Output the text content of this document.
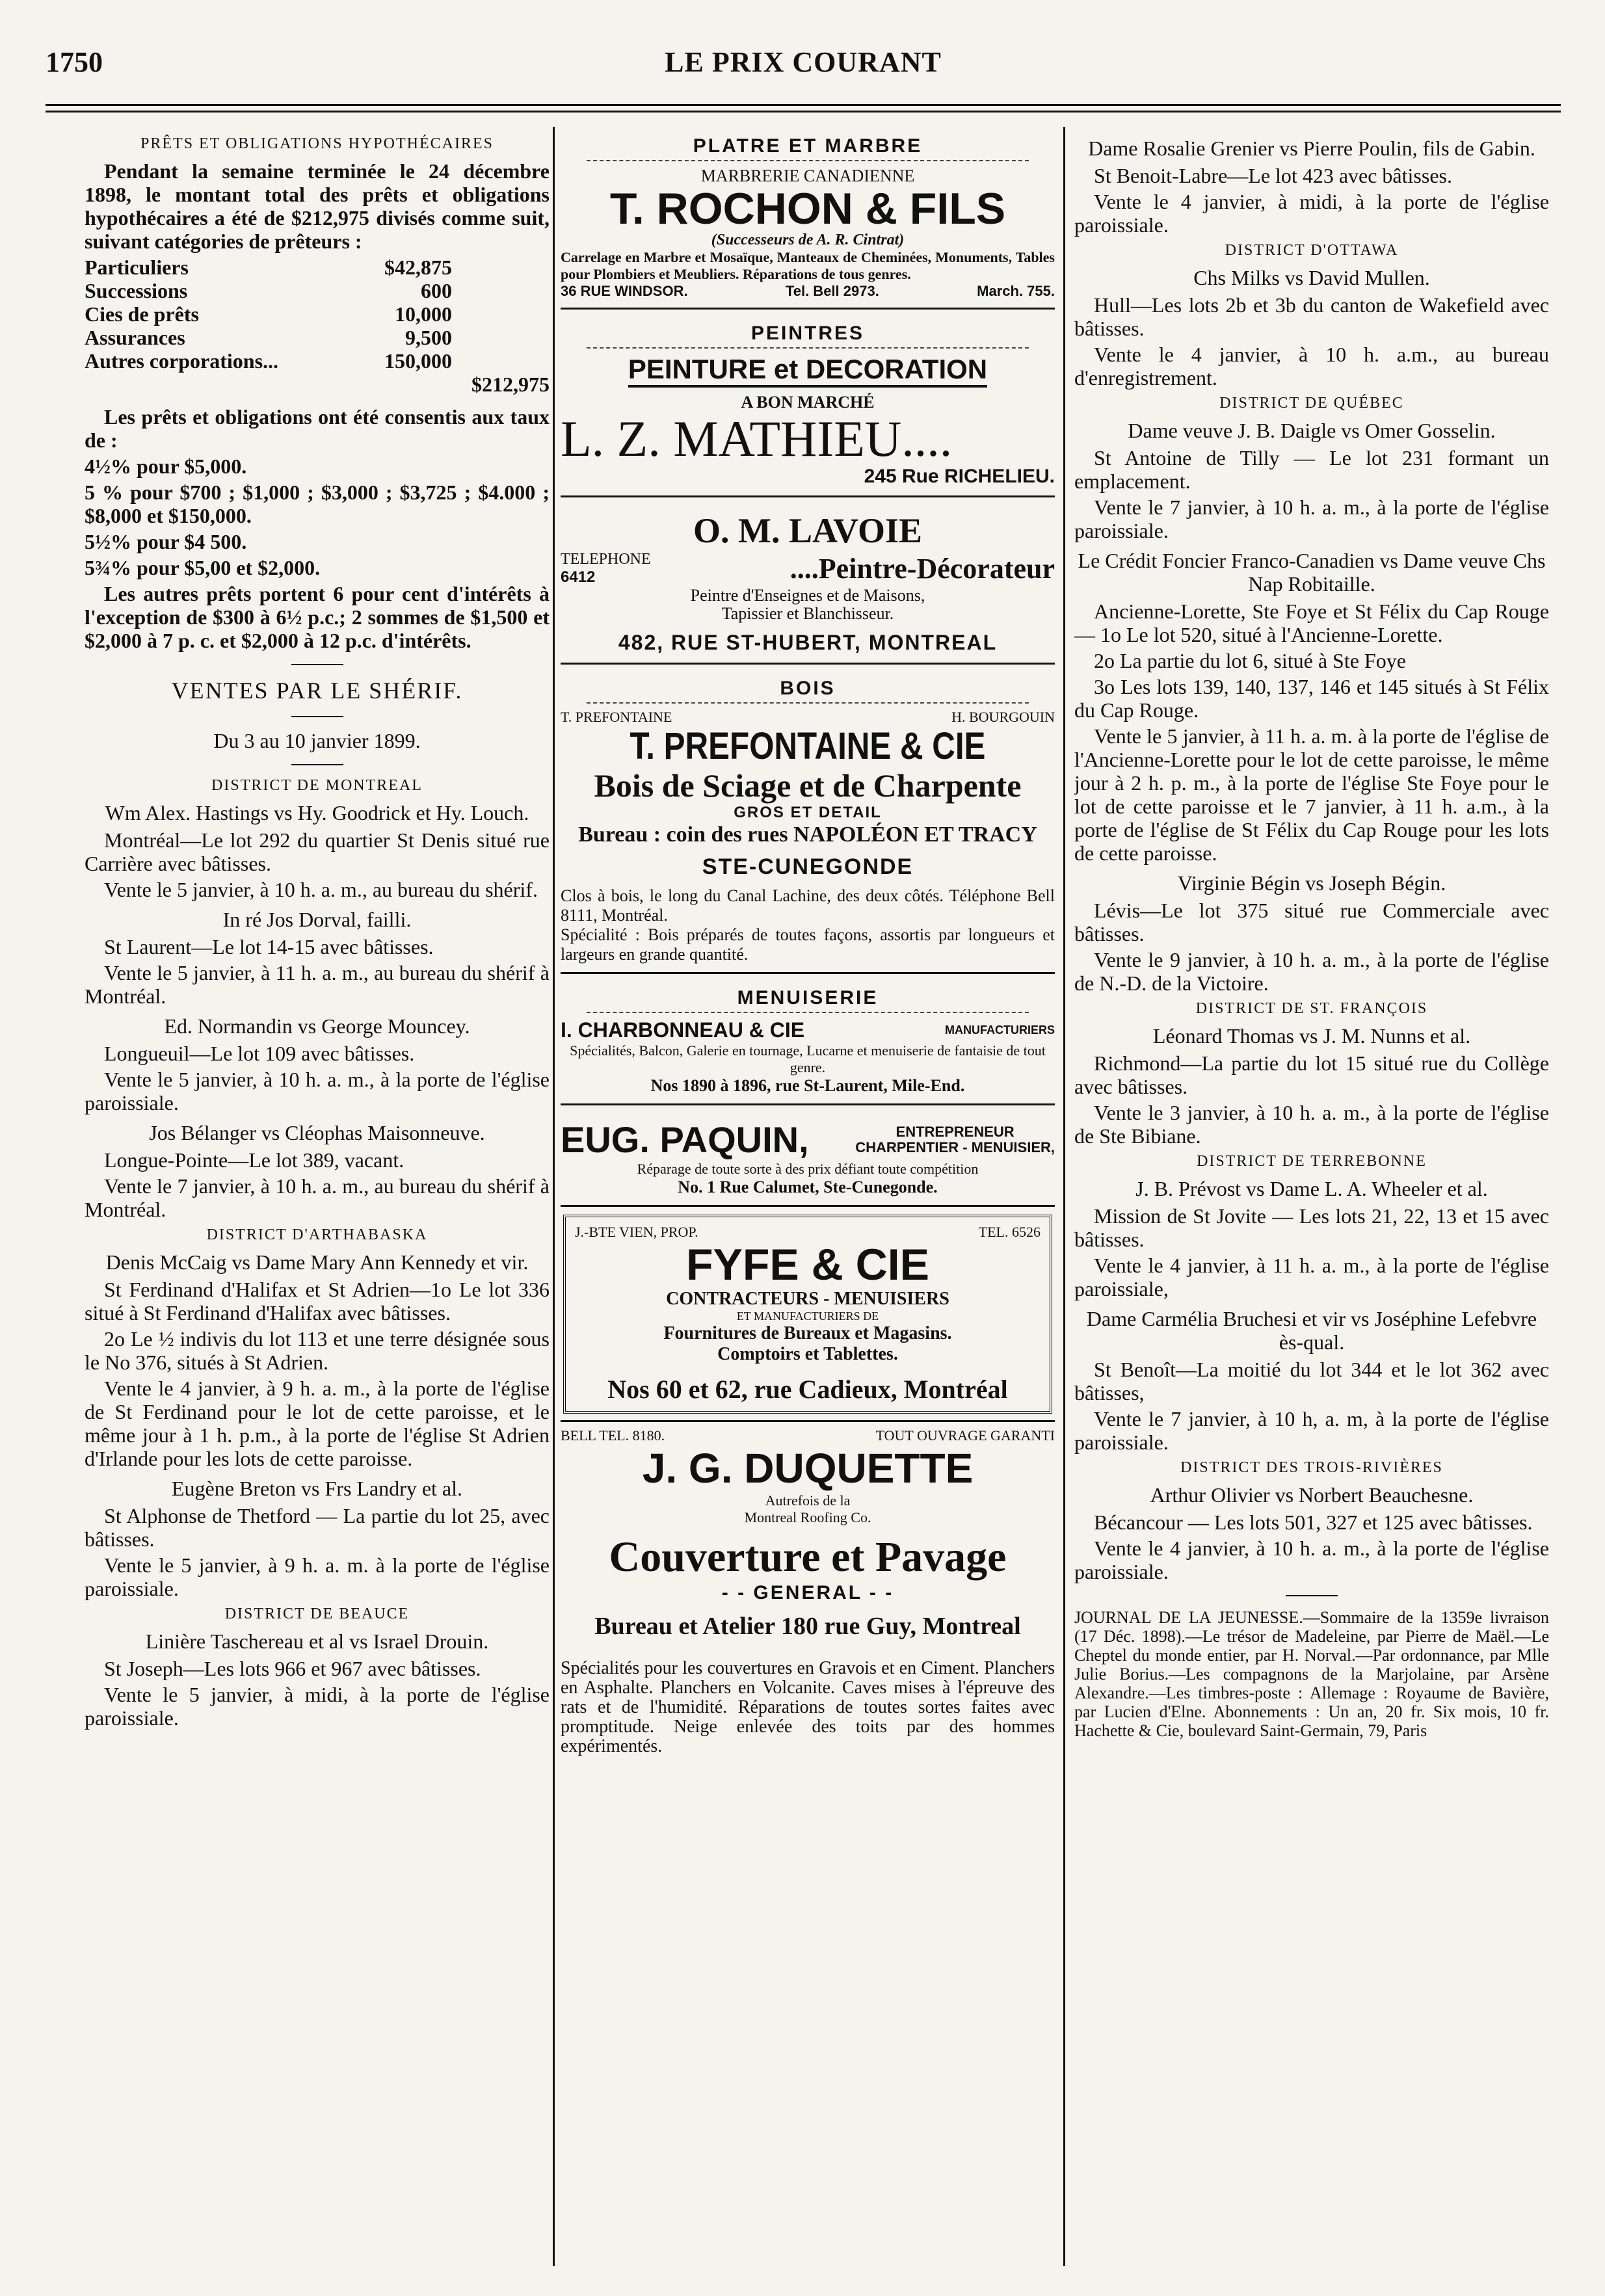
1750	LE PRIX COURANT

PRÊTS ET OBLIGATIONS HYPOTHÉCAIRES

Pendant la semaine terminée le 24 décembre 1898, le montant total des prêts et obligations hypothécaires a été de $212,975 divisés comme suit, suivant catégories de prêteurs :

Particuliers	$42,875	
Successions	600	
Cies de prêts	10,000	
Assurances	9,500	
Autres corporations...	150,000	
		$212,975

Les prêts et obligations ont été consentis aux taux de :

4½% pour $5,000.

5 % pour $700 ; $1,000 ; $3,000 ; $3,725 ; $4.000 ; $8,000 et $150,000.

5½% pour $4 500.

5¾% pour $5,00 et $2,000.

Les autres prêts portent 6 pour cent d'intérêts à l'exception de $300 à 6½ p.c.; 2 sommes de $1,500 et $2,000 à 7 p. c. et $2,000 à 12 p.c. d'intérêts.

VENTES PAR LE SHÉRIF.

Du 3 au 10 janvier 1899.

DISTRICT DE MONTREAL

Wm Alex. Hastings vs Hy. Goodrick et Hy. Louch.

Montréal—Le lot 292 du quartier St Denis situé rue Carrière avec bâtisses.

Vente le 5 janvier, à 10 h. a. m., au bureau du shérif.

In ré Jos Dorval, failli.

St Laurent—Le lot 14-15 avec bâtisses.

Vente le 5 janvier, à 11 h. a. m., au bureau du shérif à Montréal.

Ed. Normandin vs George Mouncey.

Longueuil—Le lot 109 avec bâtisses.

Vente le 5 janvier, à 10 h. a. m., à la porte de l'église paroissiale.

Jos Bélanger vs Cléophas Maisonneuve.

Longue-Pointe—Le lot 389, vacant.

Vente le 7 janvier, à 10 h. a. m., au bureau du shérif à Montréal.

DISTRICT D'ARTHABASKA

Denis McCaig vs Dame Mary Ann Kennedy et vir.

St Ferdinand d'Halifax et St Adrien—1o Le lot 336 situé à St Ferdinand d'Halifax avec bâtisses.

2o Le ½ indivis du lot 113 et une terre désignée sous le No 376, situés à St Adrien.

Vente le 4 janvier, à 9 h. a. m., à la porte de l'église de St Ferdinand pour le lot de cette paroisse, et le même jour à 1 h. p.m., à la porte de l'église St Adrien d'Irlande pour les lots de cette paroisse.

Eugène Breton vs Frs Landry et al.

St Alphonse de Thetford — La partie du lot 25, avec bâtisses.

Vente le 5 janvier, à 9 h. a. m. à la porte de l'église paroissiale.

DISTRICT DE BEAUCE

Linière Taschereau et al vs Israel Drouin.

St Joseph—Les lots 966 et 967 avec bâtisses.

Vente le 5 janvier, à midi, à la porte de l'église paroissiale.

PLATRE ET MARBRE
MARBRERIE CANADIENNE
T. ROCHON & FILS
(Successeurs de A. R. Cintrat)
Carrelage en Marbre et Mosaïque, Manteaux de Cheminées, Monuments, Tables pour Plombiers et Meubliers. Réparations de tous genres.
36 RUE WINDSOR.	Tel. Bell 2973.	March. 755.
PEINTRES
PEINTURE et DECORATION
A BON MARCHÉ
L. Z. MATHIEU....
245 Rue RICHELIEU.
O. M. LAVOIE
TELEPHONE
6412	....Peintre-Décorateur
Peintre d'Enseignes et de Maisons,
Tapissier et Blanchisseur.
482, RUE ST-HUBERT, MONTREAL
BOIS
T. PREFONTAINE	H. BOURGOUIN
T. PREFONTAINE & CIE
Bois de Sciage et de Charpente
GROS ET DETAIL
Bureau : coin des rues NAPOLÉON ET TRACY
STE-CUNEGONDE
Clos à bois, le long du Canal Lachine, des deux côtés. Téléphone Bell 8111, Montréal.
Spécialité : Bois préparés de toutes façons, assortis par longueurs et largeurs en grande quantité.
MENUISERIE
I. CHARBONNEAU & CIE	MANUFACTURIERS
Spécialités, Balcon, Galerie en tournage, Lucarne et menuiserie de fantaisie de tout genre.
Nos 1890 à 1896, rue St-Laurent, Mile-End.
EUG. PAQUIN,	ENTREPRENEUR
CHARPENTIER - MENUISIER,
Réparage de toute sorte à des prix défiant toute compétition
No. 1 Rue Calumet, Ste-Cunegonde.
J.-BTE VIEN, PROP.	TEL. 6526
FYFE & CIE
CONTRACTEURS - MENUISIERS
ET MANUFACTURIERS DE
Fournitures de Bureaux et Magasins.
Comptoirs et Tablettes.
Nos 60 et 62, rue Cadieux, Montréal
BELL TEL. 8180.	TOUT OUVRAGE GARANTI
J. G. DUQUETTE
Autrefois de la
Montreal Roofing Co.
Couverture et Pavage
- - GENERAL - -
Bureau et Atelier 180 rue Guy, Montreal
Spécialités pour les couvertures en Gravois et en Ciment. Planchers en Asphalte. Planchers en Volcanite. Caves mises à l'épreuve des rats et de l'humidité. Réparations de toutes sortes faites avec promptitude. Neige enlevée des toits par des hommes expérimentés.

Dame Rosalie Grenier vs Pierre Poulin, fils de Gabin.

St Benoit-Labre—Le lot 423 avec bâtisses.

Vente le 4 janvier, à midi, à la porte de l'église paroissiale.

DISTRICT D'OTTAWA

Chs Milks vs David Mullen.

Hull—Les lots 2b et 3b du canton de Wakefield avec bâtisses.

Vente le 4 janvier, à 10 h. a.m., au bureau d'enregistrement.

DISTRICT DE QUÉBEC

Dame veuve J. B. Daigle vs Omer Gosselin.

St Antoine de Tilly — Le lot 231 formant un emplacement.

Vente le 7 janvier, à 10 h. a. m., à la porte de l'église paroissiale.

Le Crédit Foncier Franco-Canadien vs Dame veuve Chs Nap Robitaille.

Ancienne-Lorette, Ste Foye et St Félix du Cap Rouge— 1o Le lot 520, situé à l'Ancienne-Lorette.

2o La partie du lot 6, situé à Ste Foye

3o Les lots 139, 140, 137, 146 et 145 situés à St Félix du Cap Rouge.

Vente le 5 janvier, à 11 h. a. m. à la porte de l'église de l'Ancienne-Lorette pour le lot de cette paroisse, le même jour à 2 h. p. m., à la porte de l'église Ste Foye pour le lot de cette paroisse et le 7 janvier, à 11 h. a.m., à la porte de l'église de St Félix du Cap Rouge pour les lots de cette paroisse.

Virginie Bégin vs Joseph Bégin.

Lévis—Le lot 375 situé rue Commerciale avec bâtisses.

Vente le 9 janvier, à 10 h. a. m., à la porte de l'église de N.-D. de la Victoire.

DISTRICT DE ST. FRANÇOIS

Léonard Thomas vs J. M. Nunns et al.

Richmond—La partie du lot 15 situé rue du Collège avec bâtisses.

Vente le 3 janvier, à 10 h. a. m., à la porte de l'église de Ste Bibiane.

DISTRICT DE TERREBONNE

J. B. Prévost vs Dame L. A. Wheeler et al.

Mission de St Jovite — Les lots 21, 22, 13 et 15 avec bâtisses.

Vente le 4 janvier, à 11 h. a. m., à la porte de l'église paroissiale,

Dame Carmélia Bruchesi et vir vs Joséphine Lefebvre ès-qual.

St Benoît—La moitié du lot 344 et le lot 362 avec bâtisses,

Vente le 7 janvier, à 10 h, a. m, à la porte de l'église paroissiale.

DISTRICT DES TROIS-RIVIÈRES

Arthur Olivier vs Norbert Beauchesne.

Bécancour — Les lots 501, 327 et 125 avec bâtisses.

Vente le 4 janvier, à 10 h. a. m., à la porte de l'église paroissiale.

JOURNAL DE LA JEUNESSE.—Sommaire de la 1359e livraison (17 Déc. 1898).—Le trésor de Madeleine, par Pierre de Maël.—Le Cheptel du monde entier, par H. Norval.—Par ordonnance, par Mlle Julie Borius.—Les compagnons de la Marjolaine, par Arsène Alexandre.—Les timbres-poste : Allemage : Royaume de Bavière, par Lucien d'Elne. Abonnements : Un an, 20 fr. Six mois, 10 fr. Hachette & Cie, boulevard Saint-Germain, 79, Paris
